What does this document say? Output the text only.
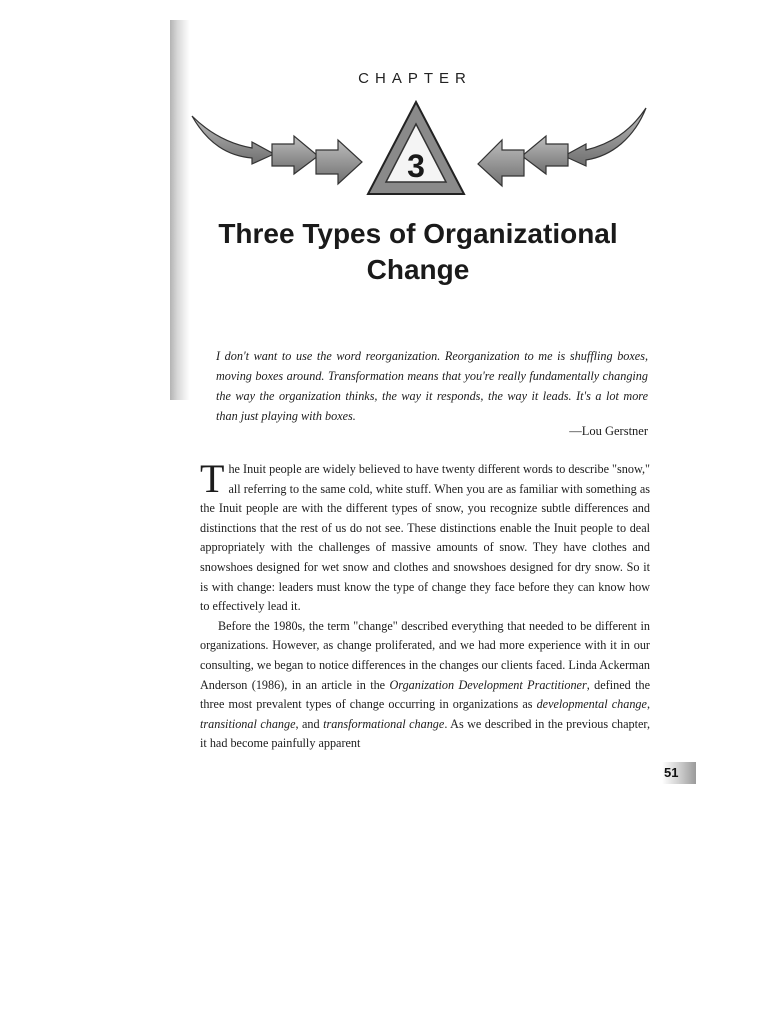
CHAPTER
3
Three Types of Organizational Change
I don't want to use the word reorganization. Reorganization to me is shuffling boxes, moving boxes around. Transformation means that you're really fundamentally changing the way the organization thinks, the way it responds, the way it leads. It's a lot more than just playing with boxes.
—Lou Gerstner

The Inuit people are widely believed to have twenty different words to describe "snow," all referring to the same cold, white stuff. When you are as familiar with something as the Inuit people are with the different types of snow, you recognize subtle differences and distinctions that the rest of us do not see. These distinctions enable the Inuit people to deal appropriately with the challenges of massive amounts of snow. They have clothes and snowshoes designed for wet snow and clothes and snowshoes designed for dry snow. So it is with change: leaders must know the type of change they face before they can know how to effectively lead it.

Before the 1980s, the term "change" described everything that needed to be different in organizations. However, as change proliferated, and we had more experience with it in our consulting, we began to notice differences in the changes our clients faced. Linda Ackerman Anderson (1986), in an article in the Organization Development Practitioner, defined the three most prevalent types of change occurring in organizations as developmental change, transitional change, and transformational change. As we described in the previous chapter, it had become painfully apparent

51
